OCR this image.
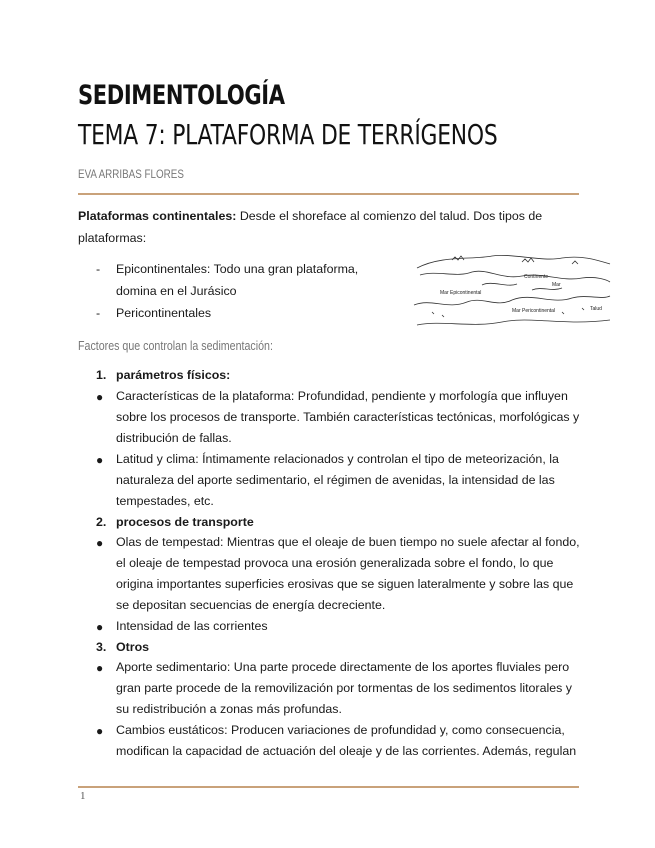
SEDIMENTOLOGÍA
TEMA 7: PLATAFORMA DE TERRÍGENOS
EVA ARRIBAS FLORES
Plataformas continentales: Desde el shoreface al comienzo del talud. Dos tipos de plataformas:
- Epicontinentales: Todo una gran plataforma,
domina en el Jurásico
- Pericontinentales
Mar Epicontinental
Mar Pericontinental
Continente
Mar
Talud
Factores que controlan la sedimentación:
1. parámetros físicos:
● Características de la plataforma: Profundidad, pendiente y morfología que influyen sobre los procesos de transporte. También características tectónicas, morfológicas y distribución de fallas.
● Latitud y clima: Íntimamente relacionados y controlan el tipo de meteorización, la naturaleza del aporte sedimentario, el régimen de avenidas, la intensidad de las tempestades, etc.
2. procesos de transporte
● Olas de tempestad: Mientras que el oleaje de buen tiempo no suele afectar al fondo, el oleaje de tempestad provoca una erosión generalizada sobre el fondo, lo que origina importantes superficies erosivas que se siguen lateralmente y sobre las que se depositan secuencias de energía decreciente.
● Intensidad de las corrientes
3. Otros
● Aporte sedimentario: Una parte procede directamente de los aportes fluviales pero gran parte procede de la removilización por tormentas de los sedimentos litorales y su redistribución a zonas más profundas.
● Cambios eustáticos: Producen variaciones de profundidad y, como consecuencia, modifican la capacidad de actuación del oleaje y de las corrientes. Además, regulan
1
